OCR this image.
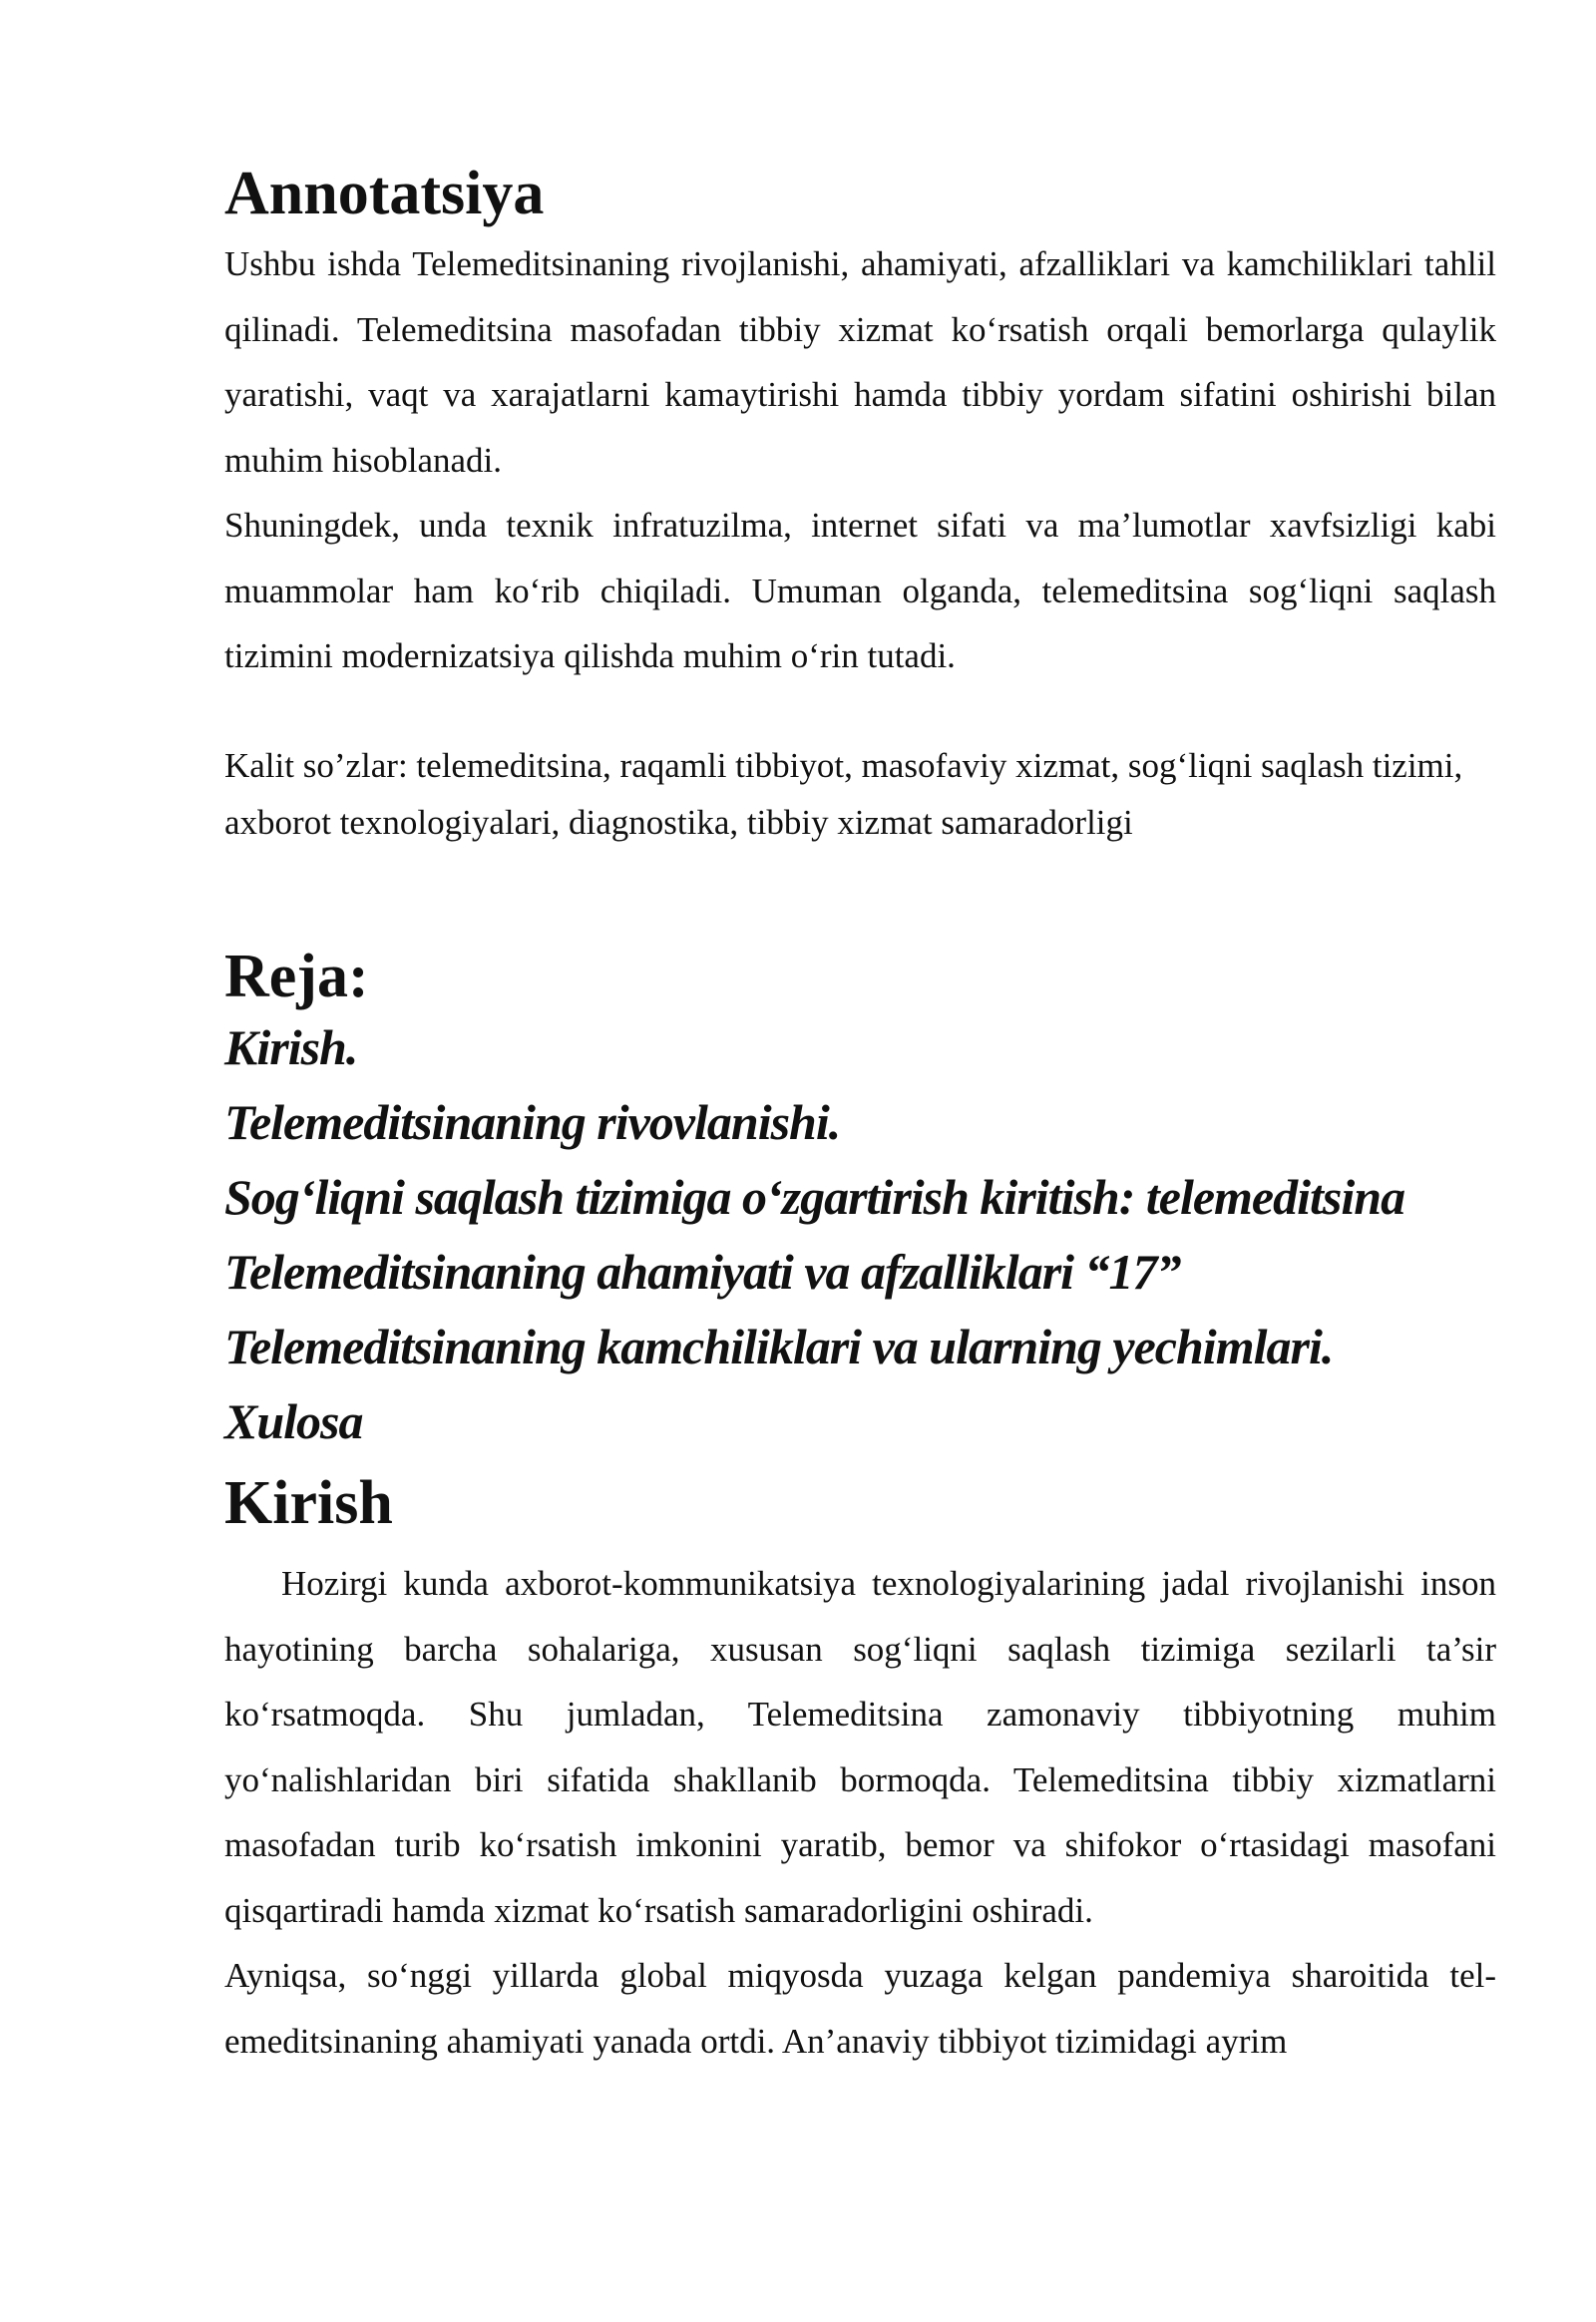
Annotatsiya

Ushbu ishda Telemeditsinaning rivojlanishi, ahamiyati, afzalliklari va kamchiliklari tahlil qilinadi. Telemeditsina masofadan tibbiy xizmat ko‘rsatish orqali bemorlarga qulaylik yaratishi, vaqt va xarajatlarni kamaytirishi hamda tibbiy yordam sifatini oshirishi bilan muhim hisoblanadi.

Shuningdek, unda texnik infratuzilma, internet sifati va ma’lumotlar xavfsizligi kabi muammolar ham ko‘rib chiqiladi. Umuman olganda, telemeditsina sog‘liqni saqlash tizimini modernizatsiya qilishda muhim o‘rin tutadi.

Kalit so’zlar: telemeditsina, raqamli tibbiyot, masofaviy xizmat, sog‘liqni saqlash tizimi, axborot texnologiyalari, diagnostika, tibbiy xizmat samaradorligi

Reja:
Kirish.
Telemeditsinaning rivovlanishi.
Sog‘liqni saqlash tizimiga o‘zgartirish kiritish: telemeditsina
Telemeditsinaning ahamiyati va afzalliklari “17”
Telemeditsinaning kamchiliklari va ularning yechimlari.
Xulosa
Kirish

Hozirgi kunda axborot-kommunikatsiya texnologiyalarining jadal rivojlanishi inson hayotining barcha sohalariga, xususan sog‘liqni saqlash tizimiga sezilarli ta’sir ko‘rsatmoqda. Shu jumladan, Telemeditsina zamonaviy tibbiyotning muhim yo‘nalishlaridan biri sifatida shakllanib bormoqda. Telemeditsina tibbiy xizmatlarni masofadan turib ko‘rsatish imkonini yaratib, bemor va shifokor o‘rtasidagi masofani qisqartiradi hamda xizmat ko‘rsatish samaradorligini oshiradi.

Ayniqsa, so‘nggi yillarda global miqyosda yuzaga kelgan pandemiya sharoitida tel-emeditsinaning ahamiyati yanada ortdi. An’anaviy tibbiyot tizimidagi ayrim
